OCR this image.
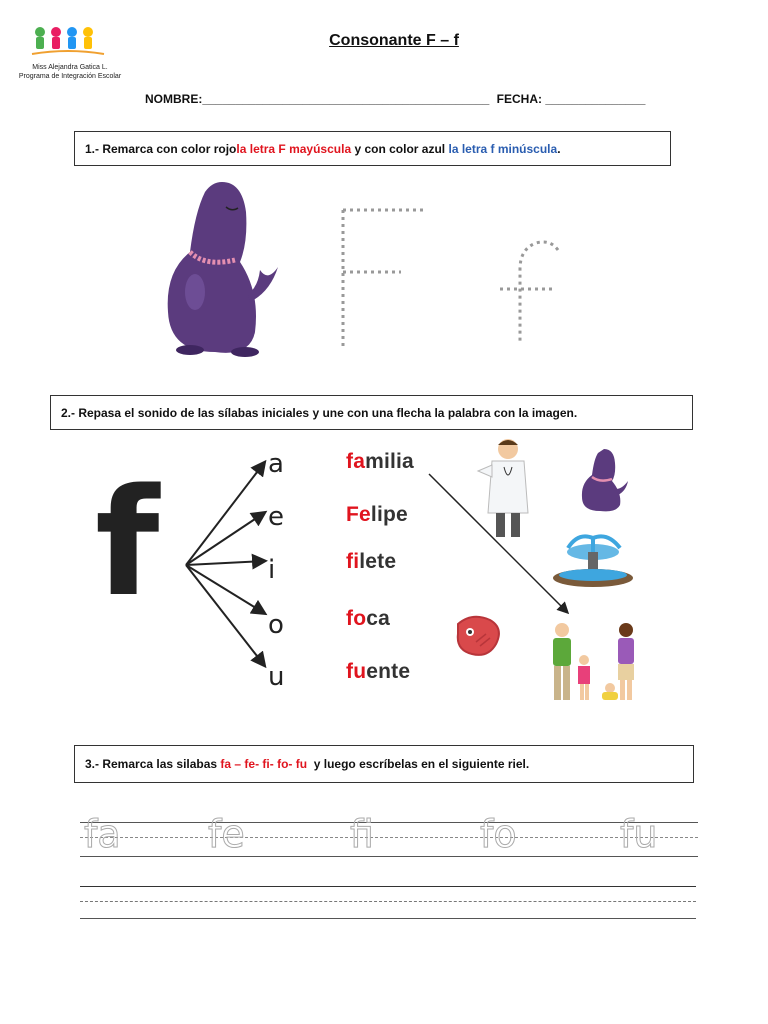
Miss Alejandra Gatica L.
Programa de Integración Escolar
Consonante F – f
NOMBRE:___________________________________________ FECHA: _______________
1.- Remarca con color rojo la letra F mayúscula y con color azul la letra f minúscula .
2.- Repasa el sonido de las sílabas iniciales y une con una flecha la palabra con la imagen.
f	a
e
i
o
u
familia
Felipe
filete
foca
fuente
3.- Remarca las silabas fa – fe- fi- fo- fu y luego escríbelas en el siguiente riel.
fa fe	fi	fo	fu
